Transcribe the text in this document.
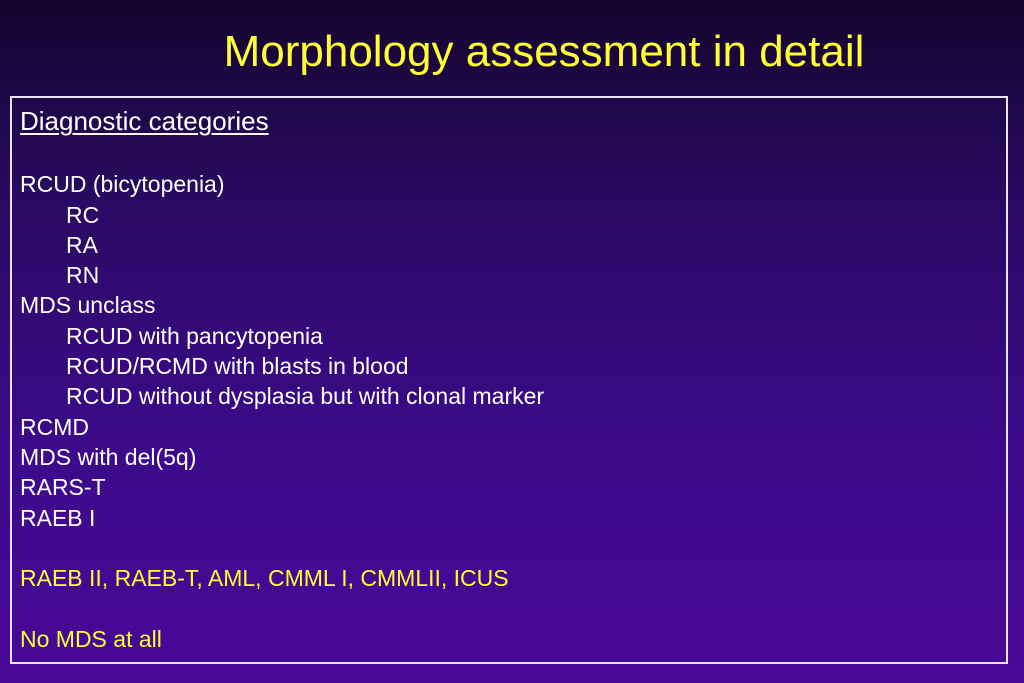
Morphology assessment in detail
Diagnostic categories
RCUD (bicytopenia)
RC
RA
RN
MDS unclass
RCUD with pancytopenia
RCUD/RCMD with blasts in blood
RCUD without dysplasia but with clonal marker
RCMD
MDS with del(5q)
RARS-T
RAEB I
RAEB II, RAEB-T, AML, CMML I, CMMLII, ICUS
No MDS at all
